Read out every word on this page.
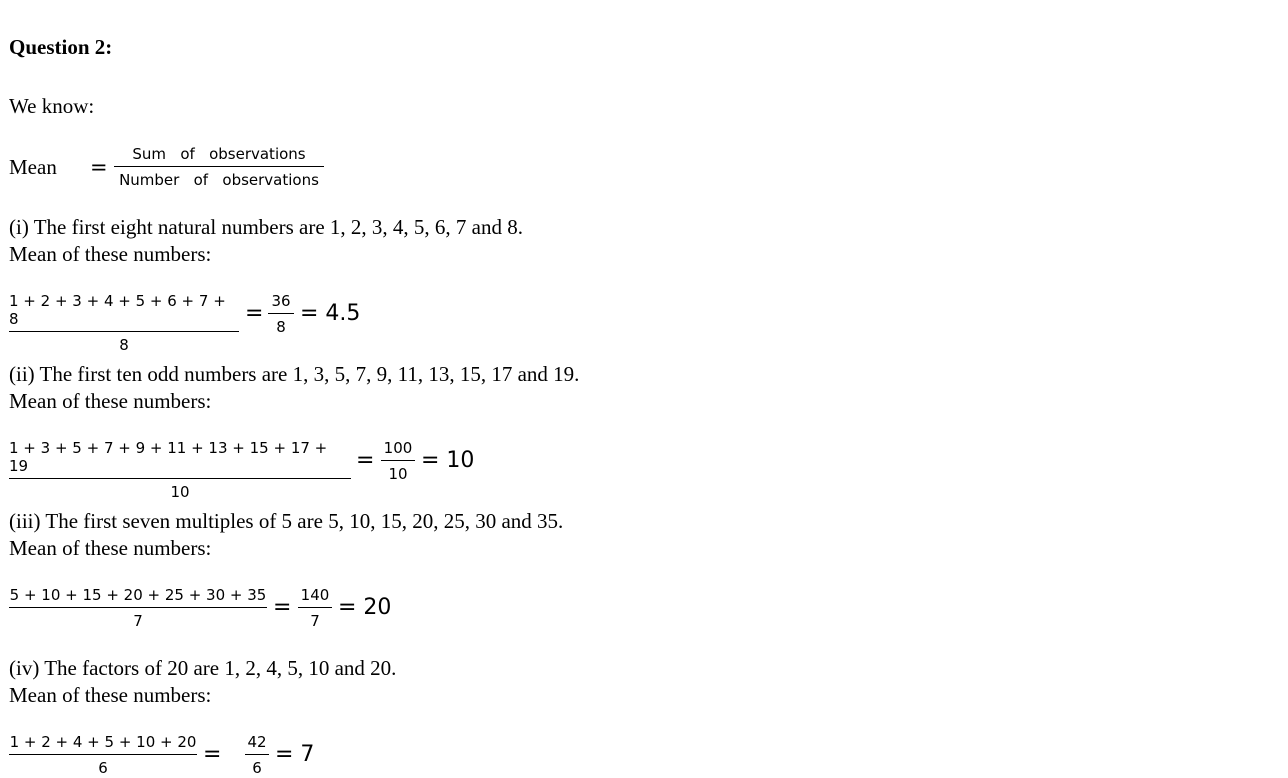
Question 2:
We know:
Mean =
Sum   of   observations
Number   of   observations
(i) The first eight natural numbers are 1, 2, 3, 4, 5, 6, 7 and 8.
Mean of these numbers:
1 + 2 + 3 + 4 + 5 + 6 + 7 + 8
8
= 36
8
= 4.5
(ii) The first ten odd numbers are 1, 3, 5, 7, 9, 11, 13, 15, 17 and 19.
Mean of these numbers:
1 + 3 + 5 + 7 + 9 + 11 + 13 + 15 + 17 + 19
10
= 100
10
= 10
(iii) The first seven multiples of 5 are 5, 10, 15, 20, 25, 30 and 35.
Mean of these numbers:
5 + 10 + 15 + 20 + 25 + 30 + 35
7
= 140
7
= 20
(iv) The factors of 20 are 1, 2, 4, 5, 10 and 20.
Mean of these numbers:
1 + 2 + 4 + 5 + 10 + 20
6
= 42
6
= 7
